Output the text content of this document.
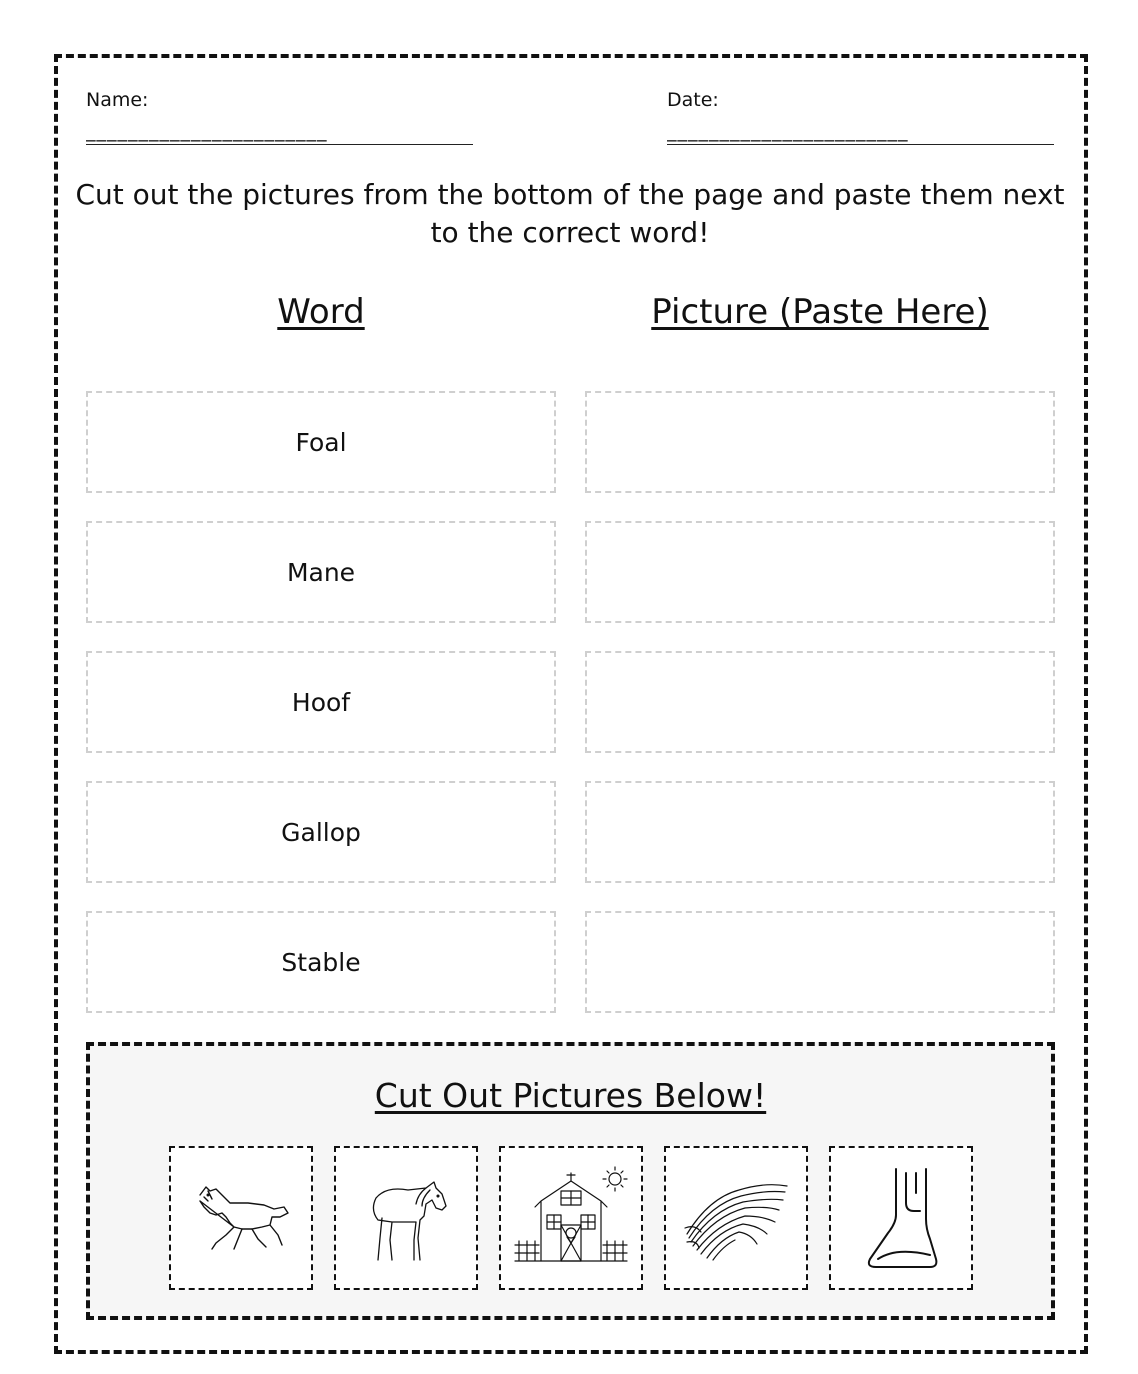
Name:
_______________________
Date:
_______________________
Cut out the pictures from the bottom of the page and paste them next to the correct word!
Word	Picture (Paste Here)
Foal
Mane
Hoof
Gallop
Stable
Cut Out Pictures Below!
